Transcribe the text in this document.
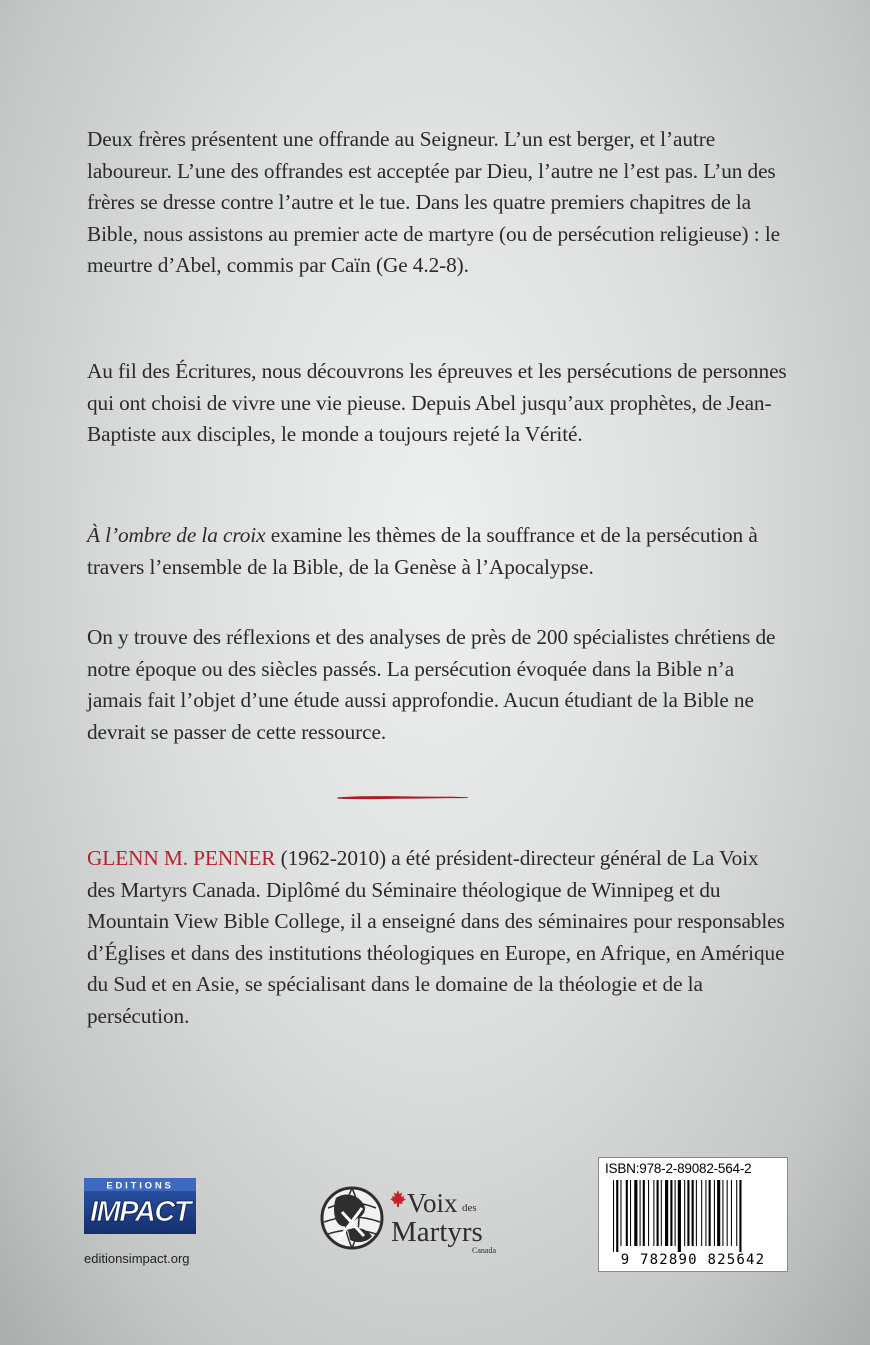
Deux frères présentent une offrande au Seigneur. L’un est berger, et l’autre laboureur. L’une des offrandes est acceptée par Dieu, l’autre ne l’est pas. L’un des frères se dresse contre l’autre et le tue. Dans les quatre premiers chapitres de la Bible, nous assistons au premier acte de martyre (ou de persécution religieuse) : le meurtre d’Abel, commis par Caïn (Ge 4.2-8).

Au fil des Écritures, nous découvrons les épreuves et les persécutions de personnes qui ont choisi de vivre une vie pieuse. Depuis Abel jusqu’aux prophètes, de Jean-Baptiste aux disciples, le monde a toujours rejeté la Vérité.

À l’ombre de la croix examine les thèmes de la souffrance et de la persécution à travers l’ensemble de la Bible, de la Genèse à l’Apocalypse.

On y trouve des réflexions et des analyses de près de 200 spécialistes chrétiens de notre époque ou des siècles passés. La persécution évoquée dans la Bible n’a jamais fait l’objet d’une étude aussi approfondie. Aucun étudiant de la Bible ne devrait se passer de cette ressource.

GLENN M. PENNER (1962-2010) a été président-directeur général de La Voix des Martyrs Canada. Diplômé du Séminaire théologique de Winnipeg et du Mountain View Bible College, il a enseigné dans des séminaires pour responsables d’Églises et dans des institutions théologiques en Europe, en Afrique, en Amérique du Sud et en Asie, se spécialisant dans le domaine de la théologie et de la persécution.

EDITIONS
IMPACT
editionsimpact.org
Voix des
Martyrs
Canada
ISBN:978-2-89082-564-2
9 782890 825642
